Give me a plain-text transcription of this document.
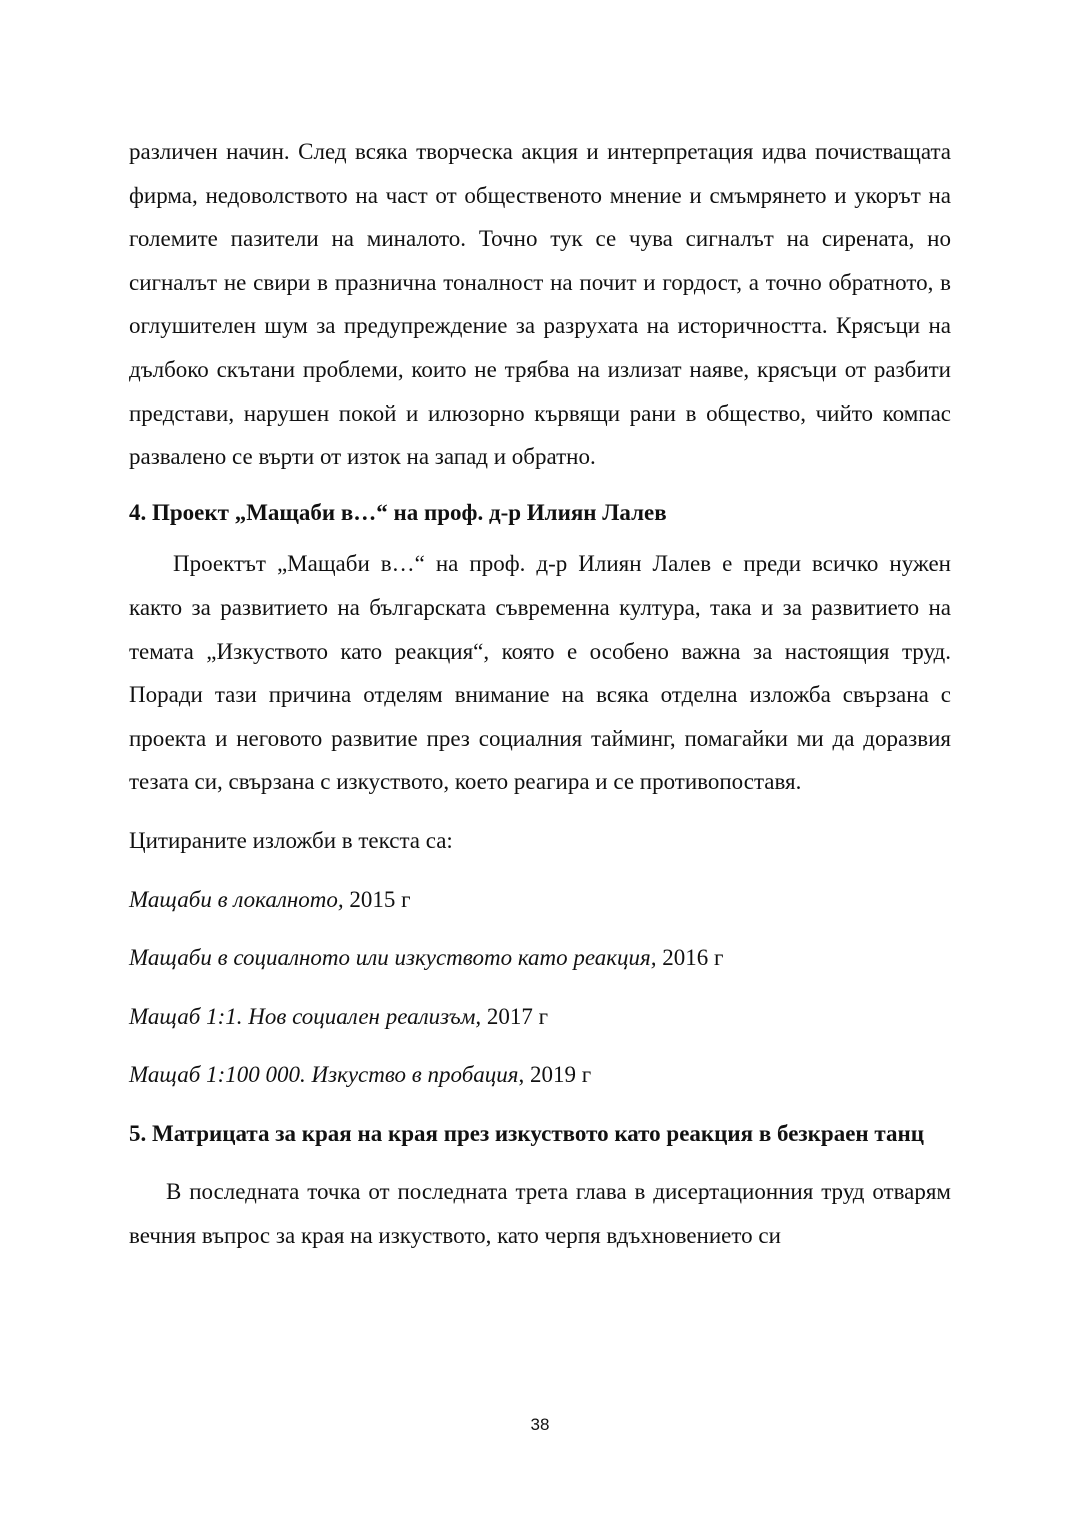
различен начин. След всяка творческа акция и интерпретация идва почистващата фирма, недоволството на част от общественото мнение и смъмрянето и укорът на големите пазители на миналото. Точно тук се чува сигналът на сирената, но сигналът не свири в празнична тоналност на почит и гордост, а точно обратното, в оглушителен шум за предупреждение за разрухата на историчността. Крясъци на дълбоко скътани проблеми, които не трябва на излизат наяве, крясъци от разбити представи, нарушен покой и илюзорно кървящи рани в общество, чийто компас развалено се върти от изток на запад и обратно.

4. Проект „Мащаби в…“ на проф. д-р Илиян Лалев

Проектът „Мащаби в…“ на проф. д-р Илиян Лалев е преди всичко нужен както за развитието на българската съвременна култура, така и за развитието на темата „Изкуството като реакция“, която е особено важна за настоящия труд. Поради тази причина отделям внимание на всяка отделна изложба свързана с проекта и неговото развитие през социалния тайминг, помагайки ми да доразвия тезата си, свързана с изкуството, което реагира и се противопоставя.

Цитираните изложби в текста са:

Мащаби в локалното, 2015 г

Мащаби в социалното или изкуството като реакция, 2016 г

Мащаб 1:1. Нов социален реализъм, 2017 г

Мащаб 1:100 000. Изкуство в пробация, 2019 г

5. Матрицата за края на края през изкуството като реакция в безкраен танц

В последната точка от последната трета глава в дисертационния труд отварям вечния въпрос за края на изкуството, като черпя вдъхновението си

38
